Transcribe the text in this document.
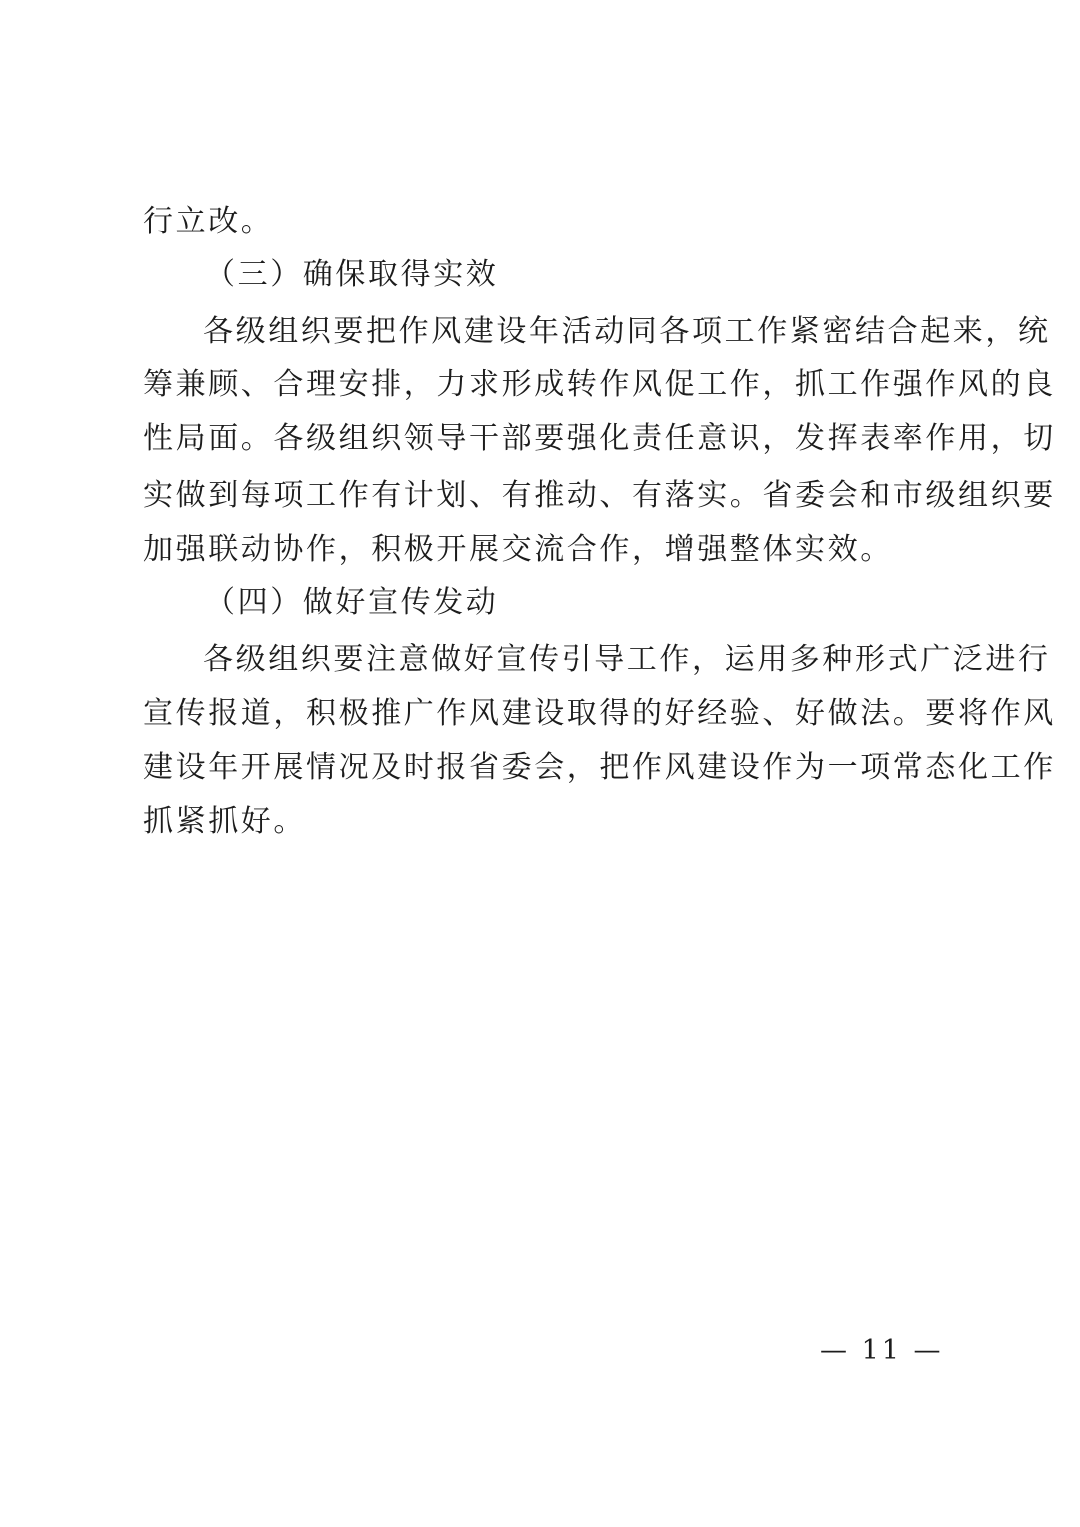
行立改。
（三）确保取得实效
各级组织要把作风建设年活动同各项工作紧密结合起来，统
筹兼顾、合理安排，力求形成转作风促工作，抓工作强作风的良
性局面。各级组织领导干部要强化责任意识，发挥表率作用，切
实做到每项工作有计划、有推动、有落实。省委会和市级组织要
加强联动协作，积极开展交流合作，增强整体实效。
（四）做好宣传发动
各级组织要注意做好宣传引导工作，运用多种形式广泛进行
宣传报道，积极推广作风建设取得的好经验、好做法。要将作风
建设年开展情况及时报省委会，把作风建设作为一项常态化工作
抓紧抓好。
— 11 —
